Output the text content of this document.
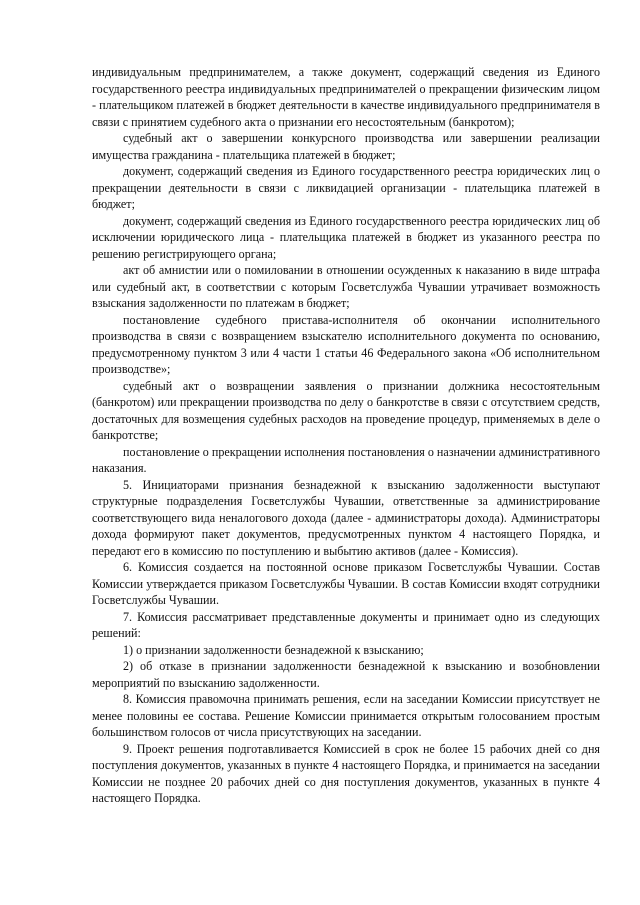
индивидуальным предпринимателем, а также документ, содержащий сведения из Единого государственного реестра индивидуальных предпринимателей о прекращении физическим лицом - плательщиком платежей в бюджет деятельности в качестве индивидуального предпринимателя в связи с принятием судебного акта о признании его несостоятельным (банкротом);

судебный акт о завершении конкурсного производства или завершении реализации имущества гражданина - плательщика платежей в бюджет;

документ, содержащий сведения из Единого государственного реестра юридических лиц о прекращении деятельности в связи с ликвидацией организации - плательщика платежей в бюджет;

документ, содержащий сведения из Единого государственного реестра юридических лиц об исключении юридического лица - плательщика платежей в бюджет из указанного реестра по решению регистрирующего органа;

акт об амнистии или о помиловании в отношении осужденных к наказанию в виде штрафа или судебный акт, в соответствии с которым Госветслужба Чувашии утрачивает возможность взыскания задолженности по платежам в бюджет;

постановление судебного пристава-исполнителя об окончании исполнительного производства в связи с возвращением взыскателю исполнительного документа по основанию, предусмотренному пунктом 3 или 4 части 1 статьи 46 Федерального закона «Об исполнительном производстве»;

судебный акт о возвращении заявления о признании должника несостоятельным (банкротом) или прекращении производства по делу о банкротстве в связи с отсутствием средств, достаточных для возмещения судебных расходов на проведение процедур, применяемых в деле о банкротстве;

постановление о прекращении исполнения постановления о назначении административного наказания.

5. Инициаторами признания безнадежной к взысканию задолженности выступают структурные подразделения Госветслужбы Чувашии, ответственные за администрирование соответствующего вида неналогового дохода (далее - администраторы дохода). Администраторы дохода формируют пакет документов, предусмотренных пунктом 4 настоящего Порядка, и передают его в комиссию по поступлению и выбытию активов (далее - Комиссия).

6. Комиссия создается на постоянной основе приказом Госветслужбы Чувашии. Состав Комиссии утверждается приказом Госветслужбы Чувашии. В состав Комиссии входят сотрудники Госветслужбы Чувашии.

7. Комиссия рассматривает представленные документы и принимает одно из следующих решений:

1) о признании задолженности безнадежной к взысканию;

2) об отказе в признании задолженности безнадежной к взысканию и возобновлении мероприятий по взысканию задолженности.

8. Комиссия правомочна принимать решения, если на заседании Комиссии присутствует не менее половины ее состава. Решение Комиссии принимается открытым голосованием простым большинством голосов от числа присутствующих на заседании.

9. Проект решения подготавливается Комиссией в срок не более 15 рабочих дней со дня поступления документов, указанных в пункте 4 настоящего Порядка, и принимается на заседании Комиссии не позднее 20 рабочих дней со дня поступления документов, указанных в пункте 4 настоящего Порядка.
